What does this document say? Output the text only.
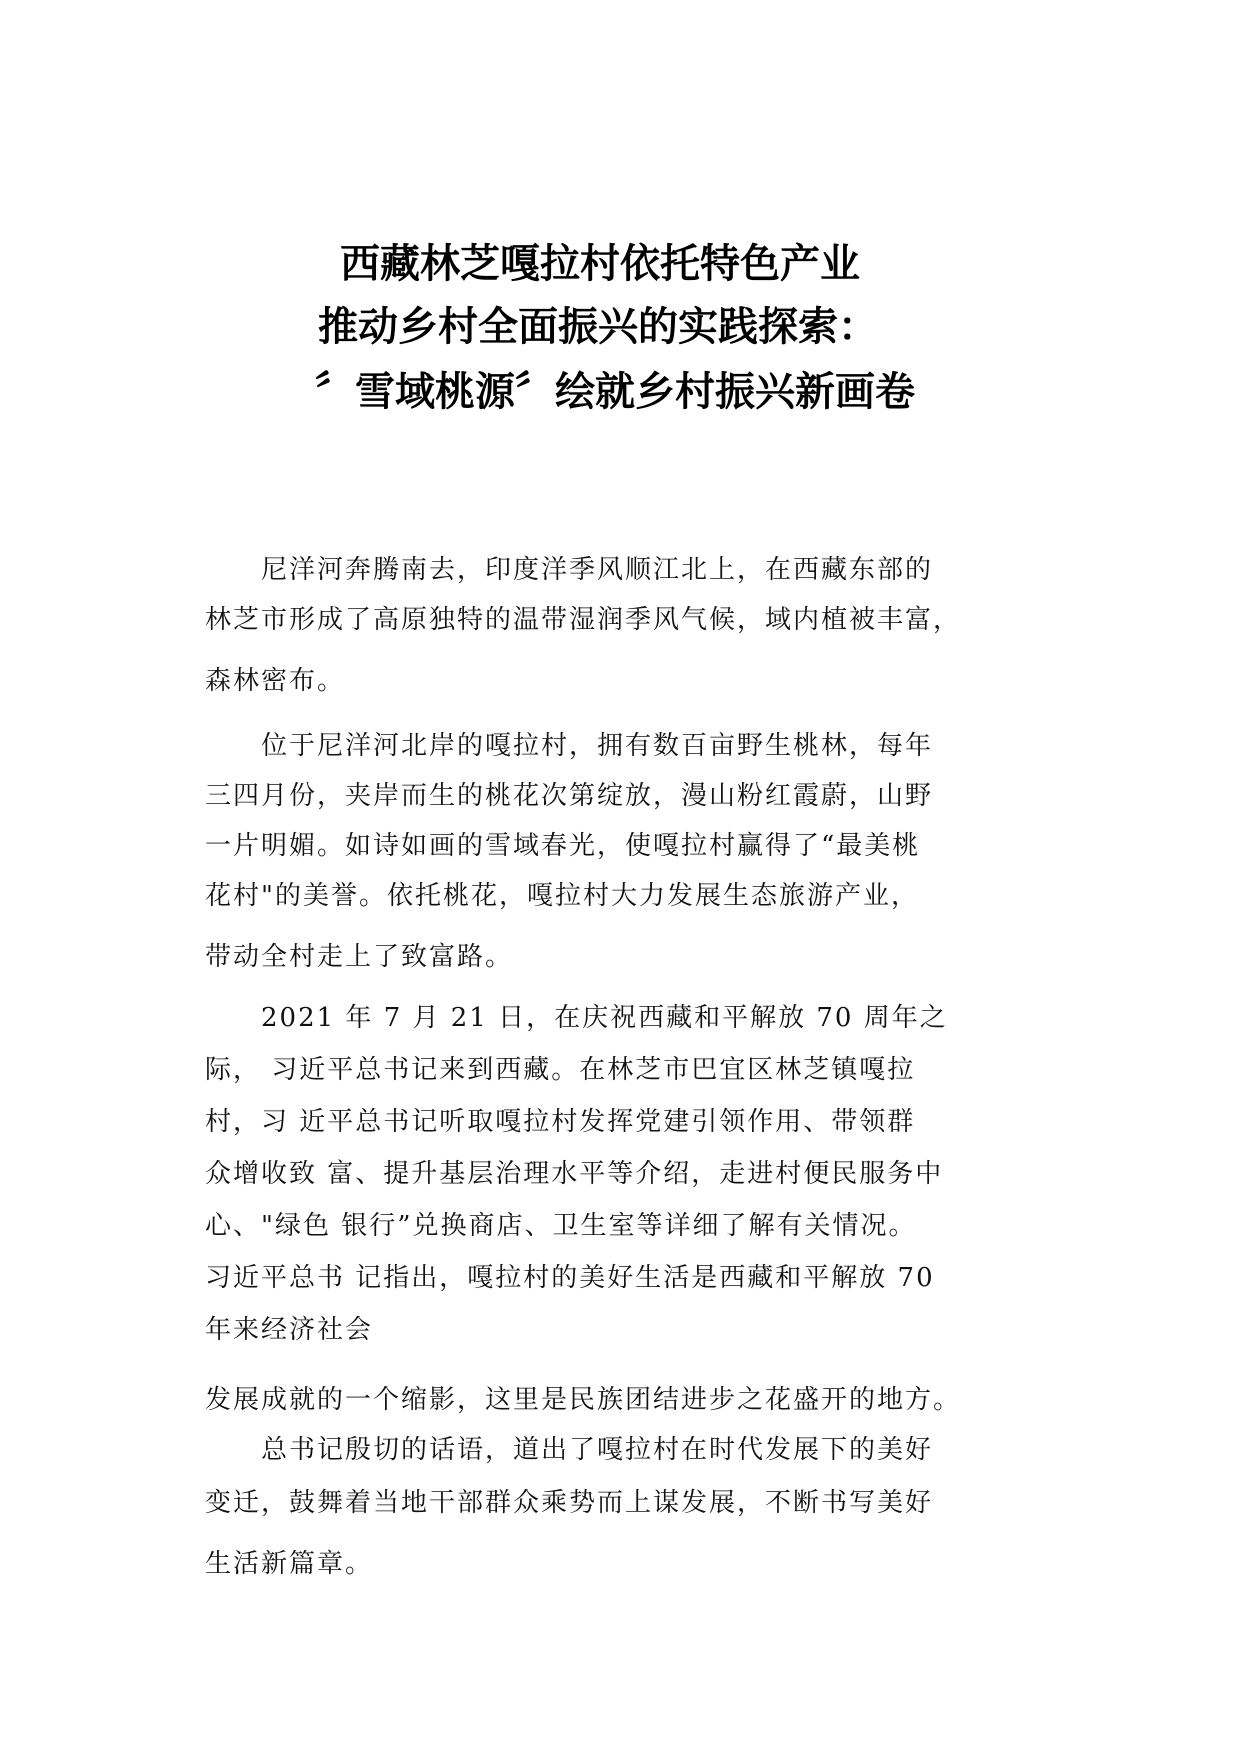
西藏林芝嘎拉村依托特色产业
推动乡村全面振兴的实践探索：
〞雪域桃源〞绘就乡村振兴新画卷
　　尼洋河奔腾南去，印度洋季风顺江北上，在西藏东部的
林芝市形成了高原独特的温带湿润季风气候，域内植被丰富，
森林密布。
　　位于尼洋河北岸的嘎拉村，拥有数百亩野生桃林，每年
三四月份，夹岸而生的桃花次第绽放，漫山粉红霞蔚，山野
一片明媚。如诗如画的雪域春光，使嘎拉村赢得了“最美桃
花村"的美誉。依托桃花，嘎拉村大力发展生态旅游产业，
带动全村走上了致富路。
　　2021 年 7 月 21 日，在庆祝西藏和平解放 70 周年之
际， 习近平总书记来到西藏。在林芝市巴宜区林芝镇嘎拉
村，习 近平总书记听取嘎拉村发挥党建引领作用、带领群
众增收致 富、提升基层治理水平等介绍，走进村便民服务中
心、"绿色 银行”兑换商店、卫生室等详细了解有关情况。
习近平总书 记指出，嘎拉村的美好生活是西藏和平解放 70
年来经济社会
发展成就的一个缩影，这里是民族团结进步之花盛开的地方。
　　总书记殷切的话语，道出了嘎拉村在时代发展下的美好
变迁，鼓舞着当地干部群众乘势而上谋发展，不断书写美好
生活新篇章。
